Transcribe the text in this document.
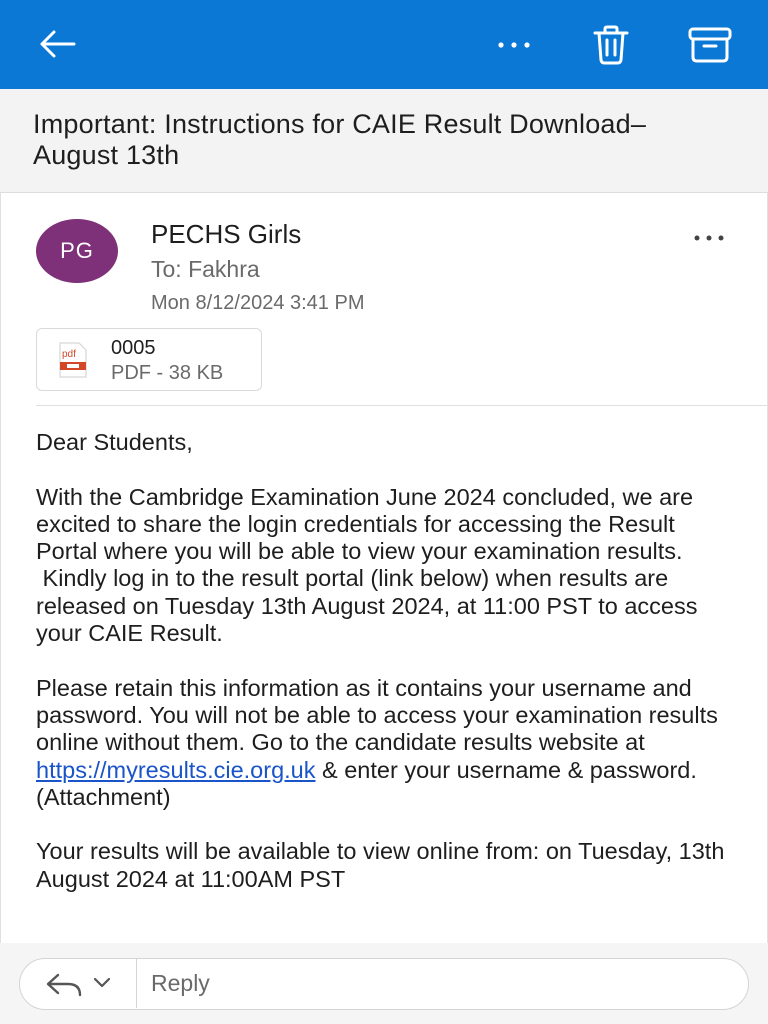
Important: Instructions for CAIE Result Download– August 13th
PG
PECHS Girls
To: Fakhra
Mon 8/12/2024 3:41 PM
pdf 0005
PDF - 38 KB

Dear Students,

With the Cambridge Examination June 2024 concluded, we are excited to share the login credentials for accessing the Result Portal where you will be able to view your examination results.
Kindly log in to the result portal (link below) when results are released on Tuesday 13th August 2024, at 11:00 PST to access your CAIE Result.

Please retain this information as it contains your username and password. You will not be able to access your examination results online without them. Go to the candidate results website at https://myresults.cie.org.uk & enter your username & password. (Attachment)

Your results will be available to view online from: on Tuesday, 13th August 2024 at 11:00AM PST

Reply
